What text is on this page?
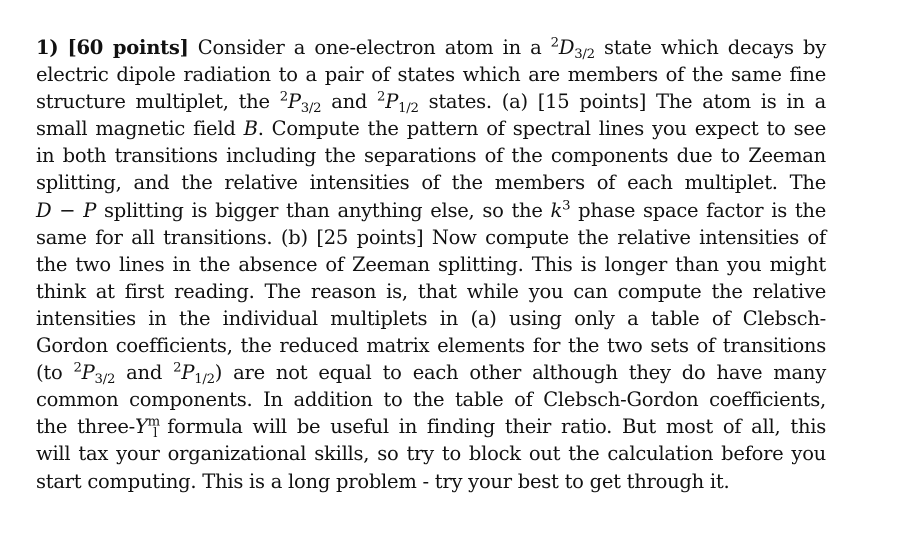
1) [60 points] Consider a one-electron atom in a $^2D_{3/2}$ state which decays by
electric dipole radiation to a pair of states which are members of the same fine
structure multiplet, the $^2P_{3/2}$ and $^2P_{1/2}$ states. (a) [15 points] The atom is in a
small magnetic field B. Compute the pattern of spectral lines you expect to see
in both transitions including the separations of the components due to Zeeman
splitting, and the relative intensities of the members of each multiplet. The
D − P splitting is bigger than anything else, so the $k^3$ phase space factor is the
same for all transitions. (b) [25 points] Now compute the relative intensities of
the two lines in the absence of Zeeman splitting. This is longer than you might
think at first reading. The reason is, that while you can compute the relative
intensities in the individual multiplets in (a) using only a table of Clebsch-
Gordon coefficients, the reduced matrix elements for the two sets of transitions
(to $^2P_{3/2}$ and $^2P_{1/2}$) are not equal to each other although they do have many
common components. In addition to the table of Clebsch-Gordon coefficients,
the three-$Y^m_l$ formula will be useful in finding their ratio. But most of all, this
will tax your organizational skills, so try to block out the calculation before you
start computing. This is a long problem - try your best to get through it.
